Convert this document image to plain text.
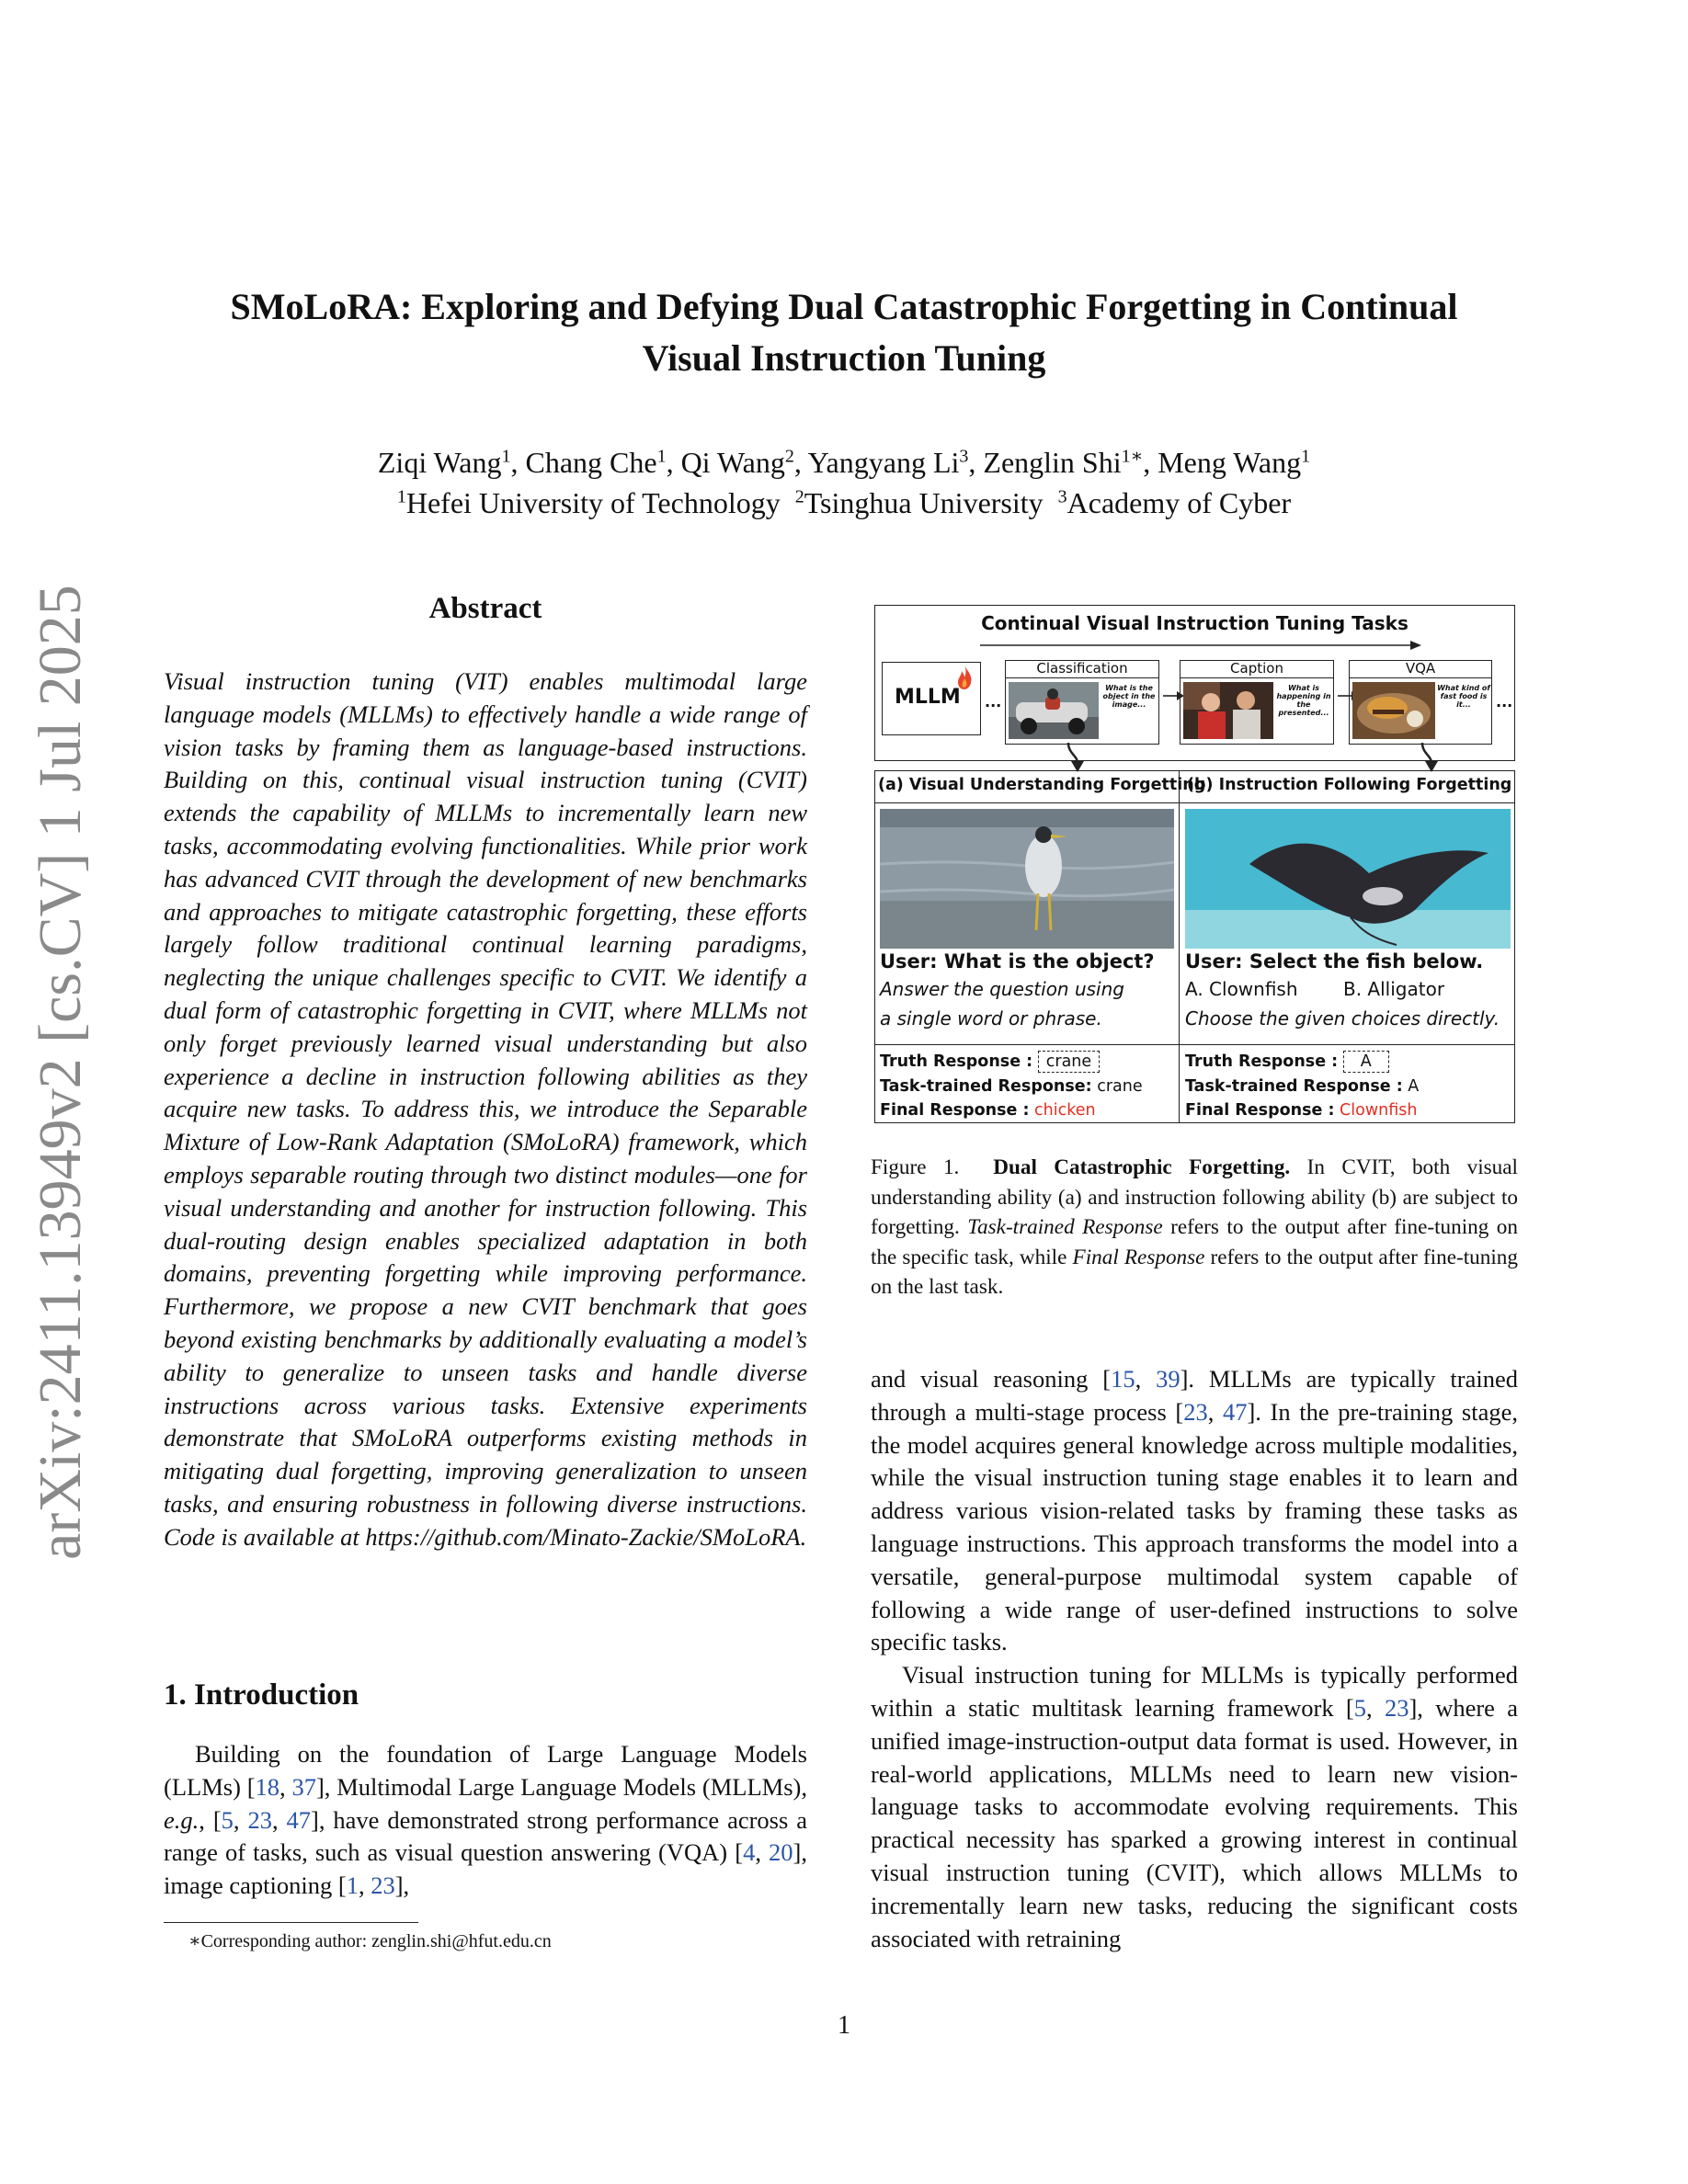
arXiv:2411.13949v2 [cs.CV] 1 Jul 2025
SMoLoRA: Exploring and Defying Dual Catastrophic Forgetting in Continual
Visual Instruction Tuning
Ziqi Wang$^1$, Chang Che$^1$, Qi Wang$^2$, Yangyang Li$^3$, Zenglin Shi$^{1∗}$, Meng Wang$^1$
$^1$Hefei University of Technology $^2$Tsinghua University $^3$Academy of Cyber
Abstract
Visual instruction tuning (VIT) enables multimodal large language models (MLLMs) to effectively handle a wide range of vision tasks by framing them as language-based instructions. Building on this, continual visual instruction tuning (CVIT) extends the capability of MLLMs to incrementally learn new tasks, accommodating evolving functionalities. While prior work has advanced CVIT through the development of new benchmarks and approaches to mitigate catastrophic forgetting, these efforts largely follow traditional continual learning paradigms, neglecting the unique challenges specific to CVIT. We identify a dual form of catastrophic forgetting in CVIT, where MLLMs not only forget previously learned visual understanding but also experience a decline in instruction following abilities as they acquire new tasks. To address this, we introduce the Separable Mixture of Low-Rank Adaptation (SMoLoRA) framework, which employs separable routing through two distinct modules—one for visual understanding and another for instruction following. This dual-routing design enables specialized adaptation in both domains, preventing forgetting while improving performance. Furthermore, we propose a new CVIT benchmark that goes beyond existing benchmarks by additionally evaluating a model’s ability to generalize to unseen tasks and handle diverse instructions across various tasks. Extensive experiments demonstrate that SMoLoRA outperforms existing methods in mitigating dual forgetting, improving generalization to unseen tasks, and ensuring robustness in following diverse instructions. Code is available at https://github.com/Minato-Zackie/SMoLoRA.
1. Introduction

Building on the foundation of Large Language Models (LLMs) [18, 37], Multimodal Large Language Models (MLLMs), e.g., [5, 23, 47], have demonstrated strong performance across a range of tasks, such as visual question answering (VQA) [4, 20], image captioning [1, 23],

∗Corresponding author: zenglin.shi@hfut.edu.cn
Continual Visual Instruction Tuning Tasks
MLLM ...
Classification
What is the object in the image...
Caption
What is happening in the presented...
VQA
What kind of fast food is it...	...
(a) Visual Understanding Forgetting
(b) Instruction Following Forgetting
User: What is the object?
Answer the question using
a single word or phrase.
Truth Response : crane
Task-trained Response: crane
Final Response : chicken
User: Select the fish below.
A. Clownfish B. Alligator
Choose the given choices directly.
Truth Response : A
Task-trained Response : A
Final Response : Clownfish
Figure 1. Dual Catastrophic Forgetting. In CVIT, both visual understanding ability (a) and instruction following ability (b) are subject to forgetting. Task-trained Response refers to the output after fine-tuning on the specific task, while Final Response refers to the output after fine-tuning on the last task.

and visual reasoning [15, 39]. MLLMs are typically trained through a multi-stage process [23, 47]. In the pre-training stage, the model acquires general knowledge across multiple modalities, while the visual instruction tuning stage enables it to learn and address various vision-related tasks by framing these tasks as language instructions. This approach transforms the model into a versatile, general-purpose multimodal system capable of following a wide range of user-defined instructions to solve specific tasks.

Visual instruction tuning for MLLMs is typically performed within a static multitask learning framework [5, 23], where a unified image-instruction-output data format is used. However, in real-world applications, MLLMs need to learn new vision-language tasks to accommodate evolving requirements. This practical necessity has sparked a growing interest in continual visual instruction tuning (CVIT), which allows MLLMs to incrementally learn new tasks, reducing the significant costs associated with retraining

1
